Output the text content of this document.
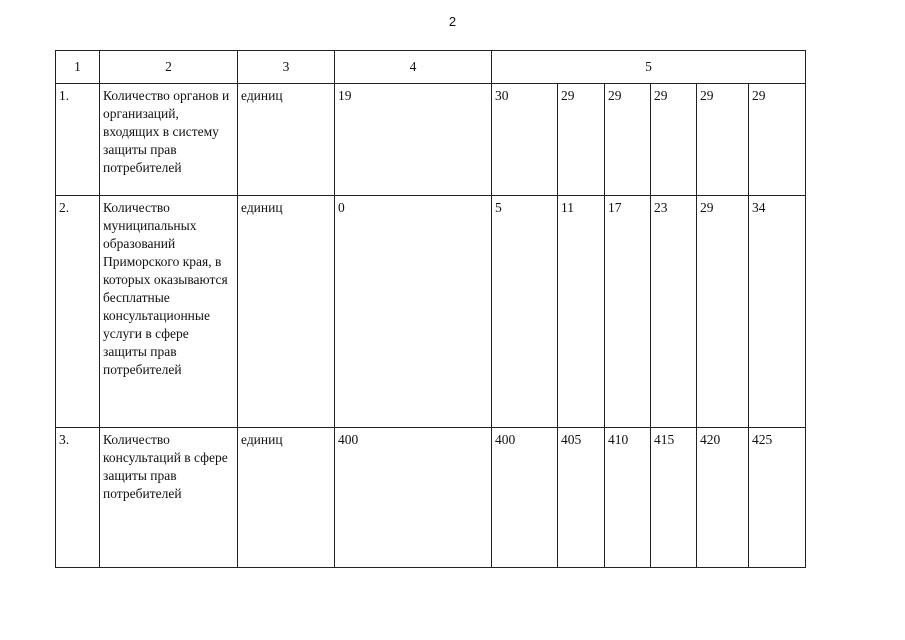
2
1	2	3	4	5					
1.	Количество органов и организаций, входящих в систему защиты прав потребителей	единиц	19	30	29	29	29	29	29
2.	Количество муниципальных образований Приморского края, в которых оказываются бесплатные консультационные услуги в сфере защиты прав потребителей	единиц	0	5	11	17	23	29	34
3.	Количество консультаций в сфере защиты прав потребителей	единиц	400	400	405	410	415	420	425
